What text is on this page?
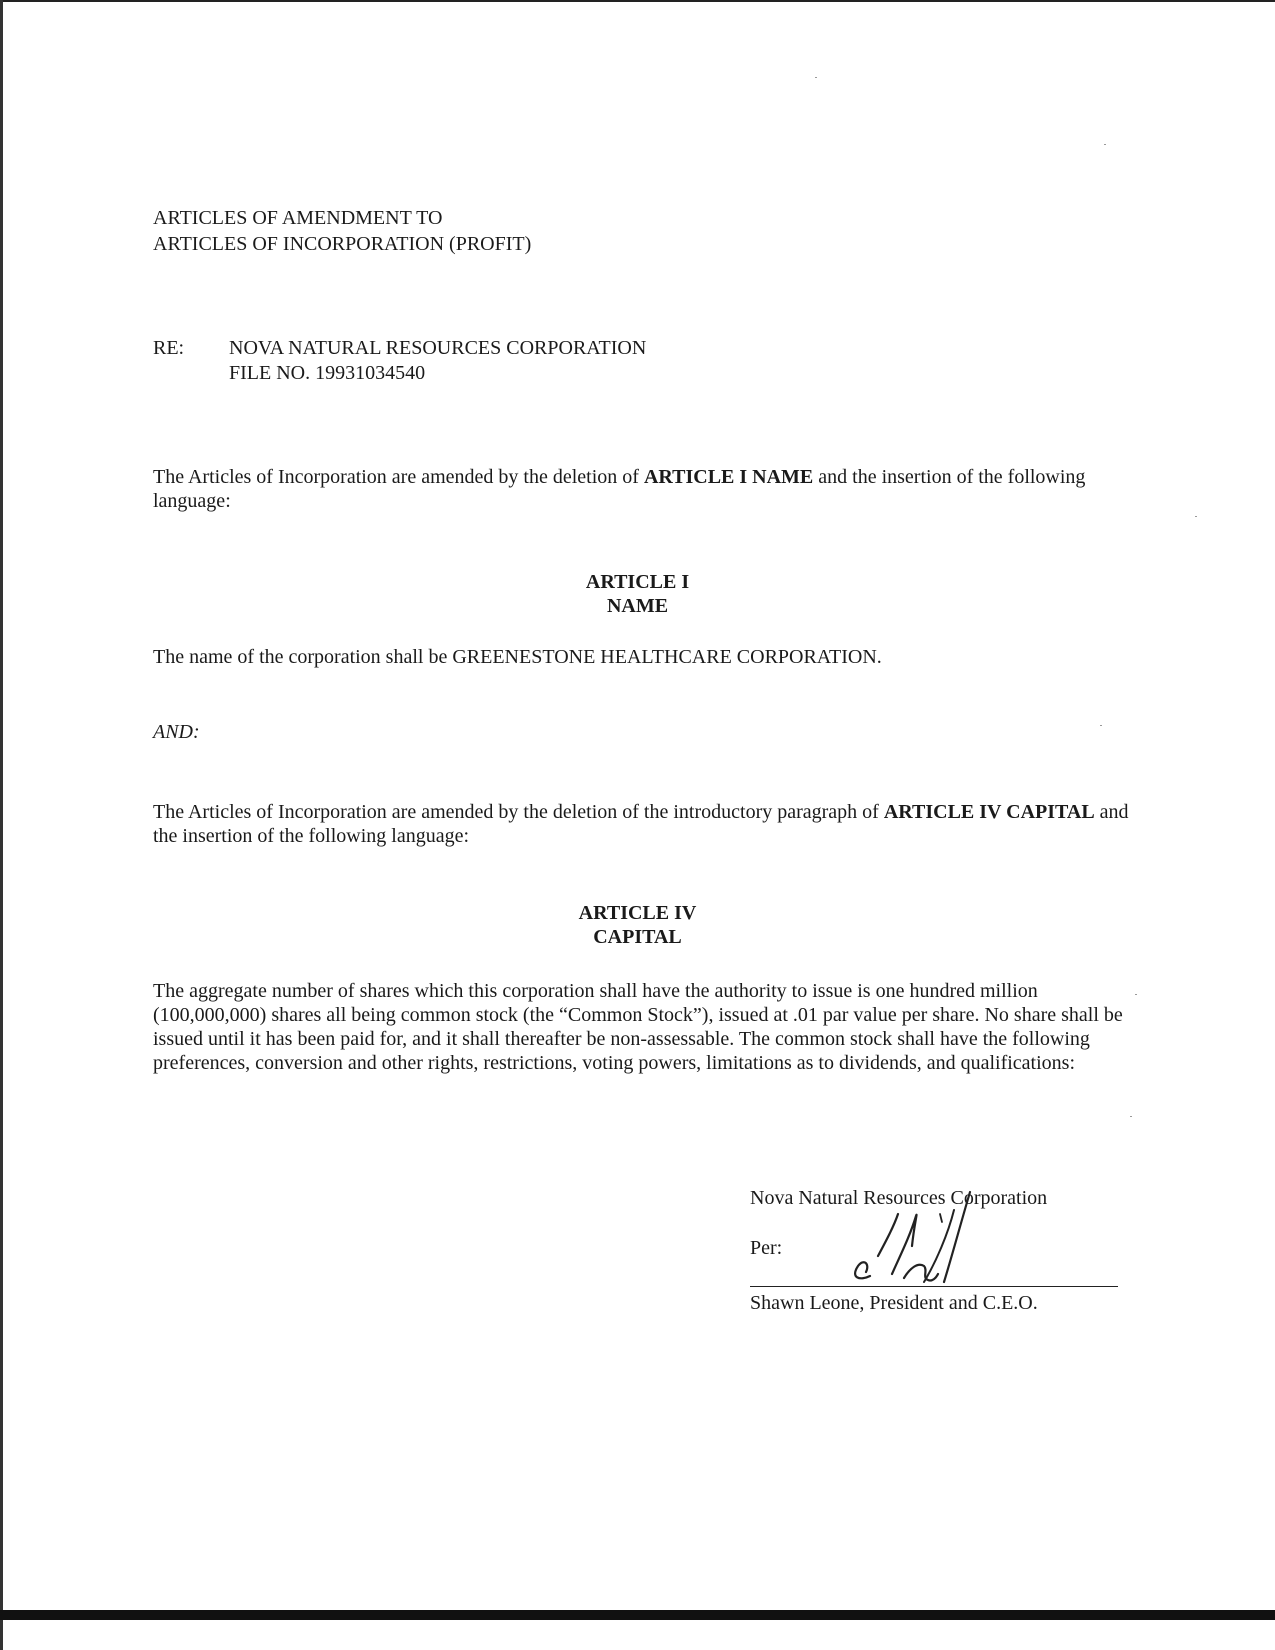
ARTICLES OF AMENDMENT TO
ARTICLES OF INCORPORATION (PROFIT)
RE: NOVA NATURAL RESOURCES CORPORATION
FILE NO. 19931034540
The Articles of Incorporation are amended by the deletion of ARTICLE I NAME and the insertion of the following language:
ARTICLE I
NAME
The name of the corporation shall be GREENESTONE HEALTHCARE CORPORATION.
AND:
The Articles of Incorporation are amended by the deletion of the introductory paragraph of ARTICLE IV CAPITAL and the insertion of the following language:
ARTICLE IV
CAPITAL
The aggregate number of shares which this corporation shall have the authority to issue is one hundred million (100,000,000) shares all being common stock (the “Common Stock”), issued at .01 par value per share. No share shall be issued until it has been paid for, and it shall thereafter be non-assessable. The common stock shall have the following preferences, conversion and other rights, restrictions, voting powers, limitations as to dividends, and qualifications:
Nova Natural Resources Corporation
Per:
Shawn Leone, President and C.E.O.
